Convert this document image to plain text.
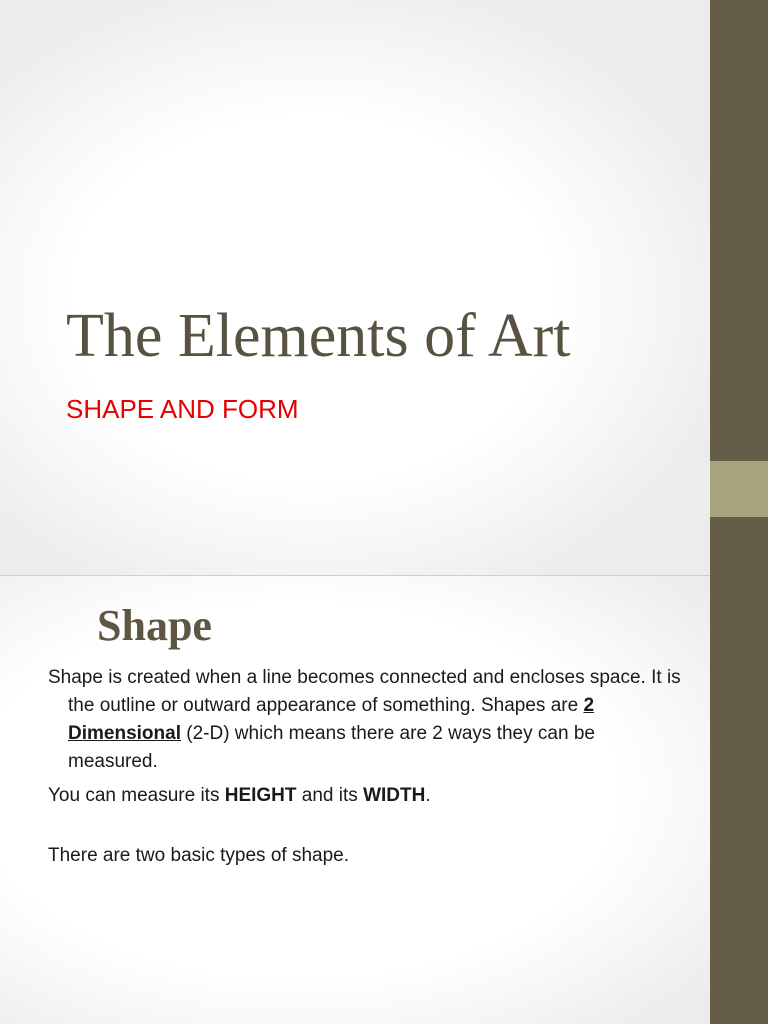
The Elements of Art
SHAPE AND FORM
Shape

Shape is created when a line becomes connected and encloses space. It is the outline or outward appearance of something. Shapes are 2 Dimensional (2-D) which means there are 2 ways they can be measured.

You can measure its HEIGHT and its WIDTH.

There are two basic types of shape.
